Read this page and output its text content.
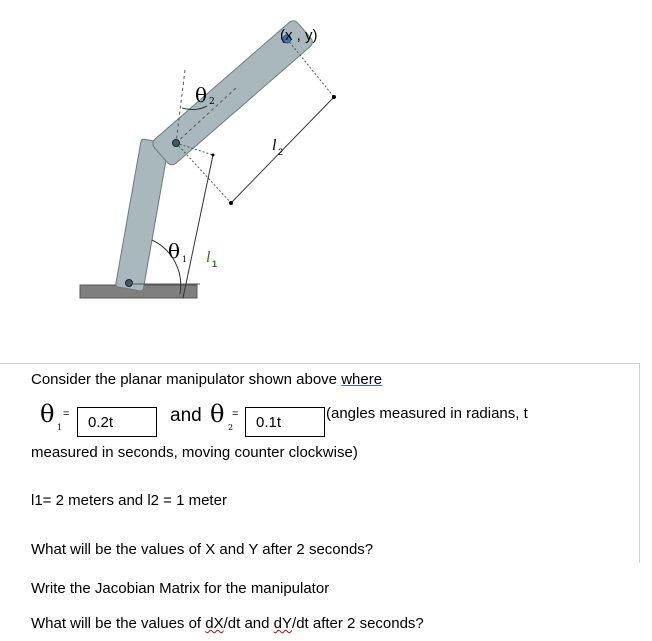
(x , y)
θ 2
θ 1 l 1
l 2
Consider the planar manipulator shown above where
θ 1
=	0.2t	and θ 2
=	0.1t
(angles measured in radians, t
measured in seconds, moving counter clockwise)
l1= 2 meters and l2 = 1 meter
What will be the values of X and Y after 2 seconds?
Write the Jacobian Matrix for the manipulator
What will be the values of dX/dt and dY/dt after 2 seconds?
